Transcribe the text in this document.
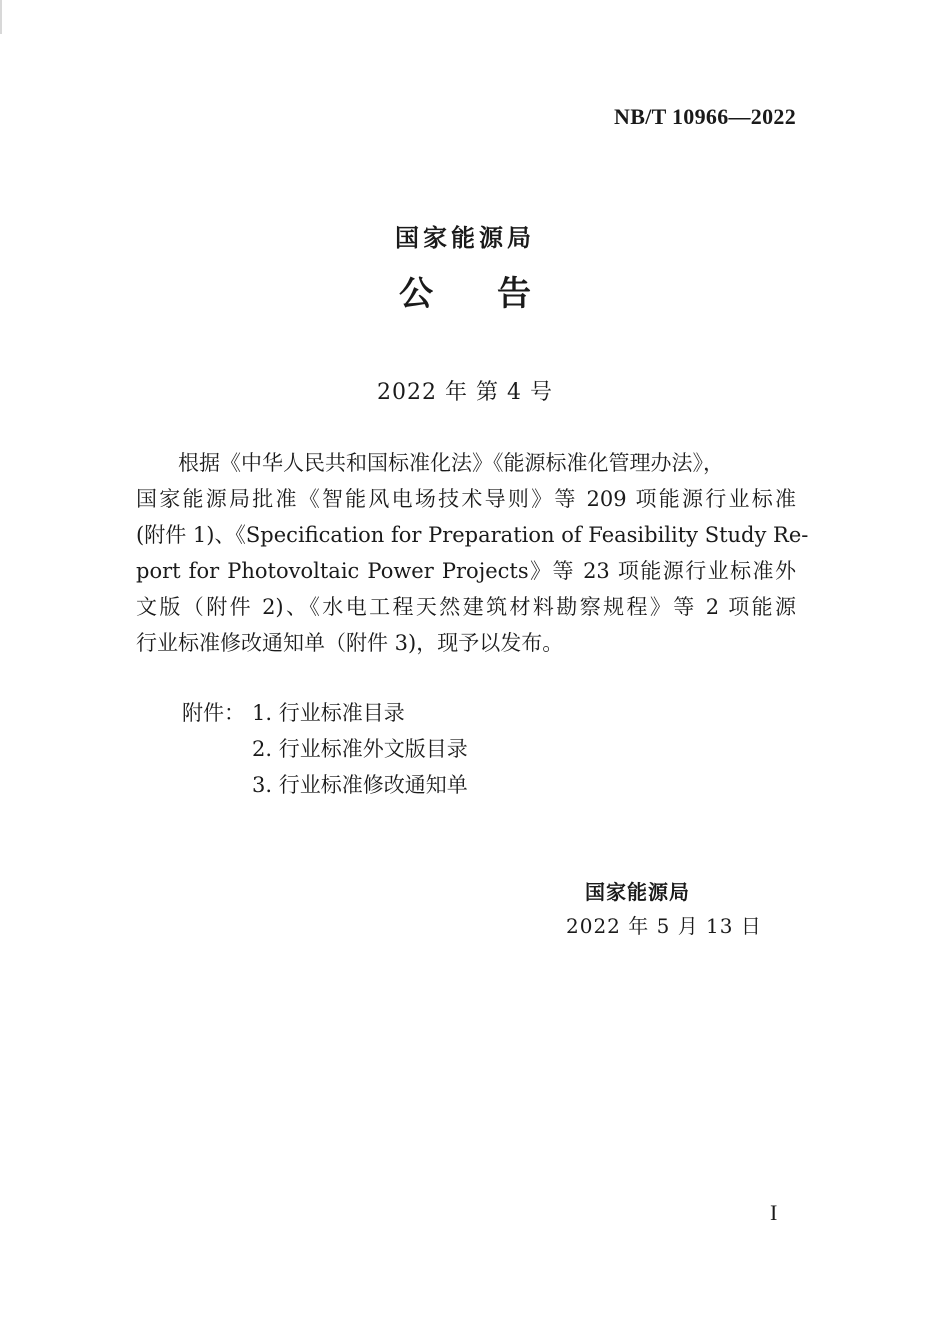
NB/T 10966—2022
国家能源局
公告
2022 年 第 4 号
根据《中华人民共和国标准化法》《能源标准化管理办法》，
国家能源局批准《智能风电场技术导则》等 209 项能源行业标准
(附件 1)、《Specification for Preparation of Feasibility Study Re-
port for Photovoltaic Power Projects》等 23 项能源行业标准外
文版（附件 2)、《水电工程天然建筑材料勘察规程》等 2 项能源
行业标准修改通知单（附件 3)，现予以发布。
附件： 1. 行业标准目录
2. 行业标准外文版目录
3. 行业标准修改通知单
国家能源局
2022 年 5 月 13 日
I
